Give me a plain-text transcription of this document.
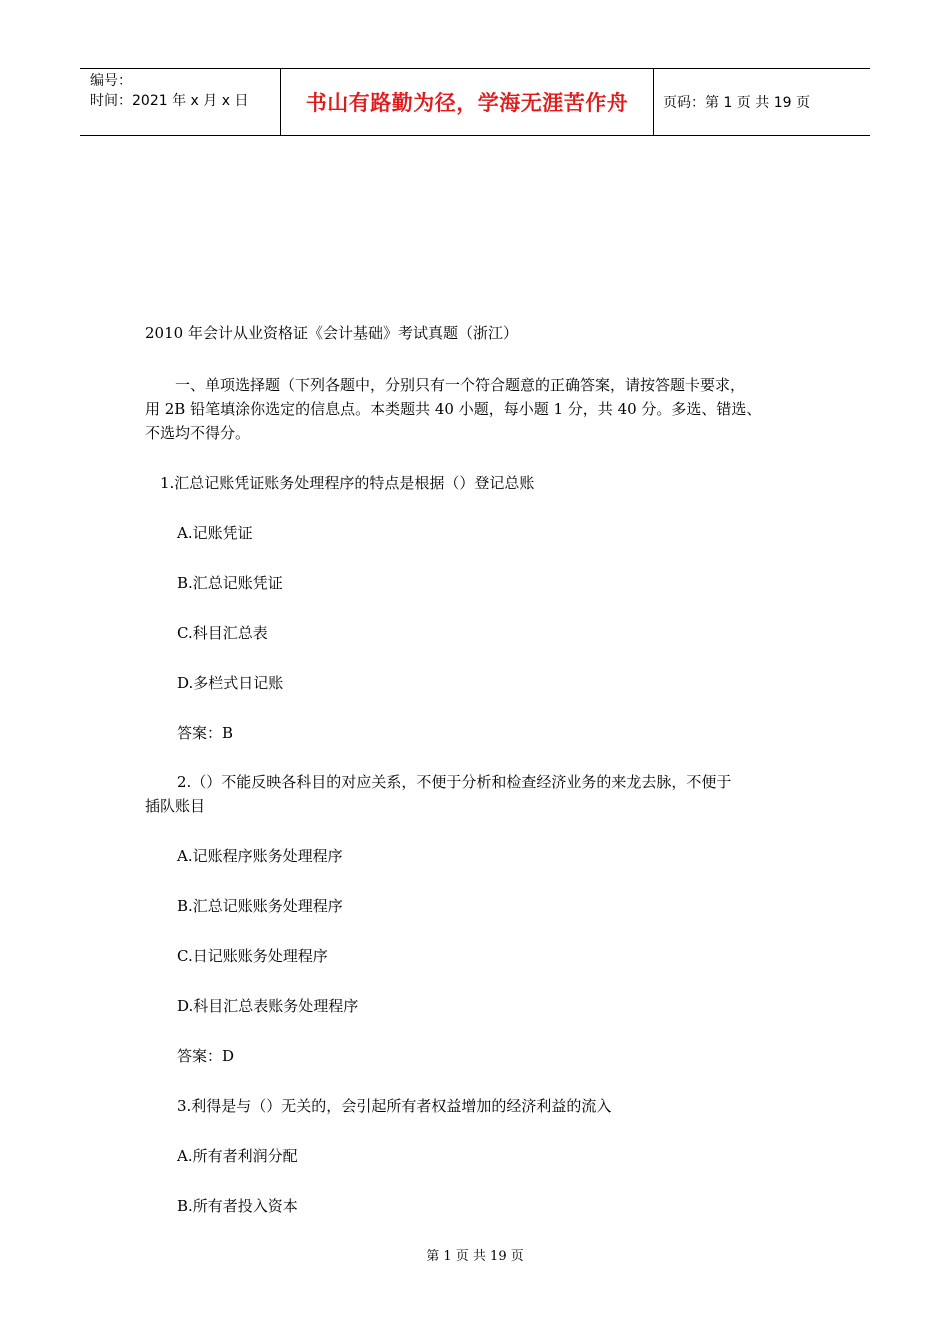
编号：
时间：2021 年 x 月 x 日	书山有路勤为径，学海无涯苦作舟 页码：第 1 页 共 19 页
2010 年会计从业资格证《会计基础》考试真题（浙江）
一、单项选择题（下列各题中，分别只有一个符合题意的正确答案，请按答题卡要求，
用 2B 铅笔填涂你选定的信息点。本类题共 40 小题，每小题 1 分，共 40 分。多选、错选、
不选均不得分。
1.汇总记账凭证账务处理程序的特点是根据（）登记总账
A.记账凭证
B.汇总记账凭证
C.科目汇总表
D.多栏式日记账
答案：B
2.（）不能反映各科目的对应关系，不便于分析和检查经济业务的来龙去脉，不便于
插队账目
A.记账程序账务处理程序
B.汇总记账账务处理程序
C.日记账账务处理程序
D.科目汇总表账务处理程序
答案：D
3.利得是与（）无关的，会引起所有者权益增加的经济利益的流入
A.所有者利润分配
B.所有者投入资本
第 1 页 共 19 页
